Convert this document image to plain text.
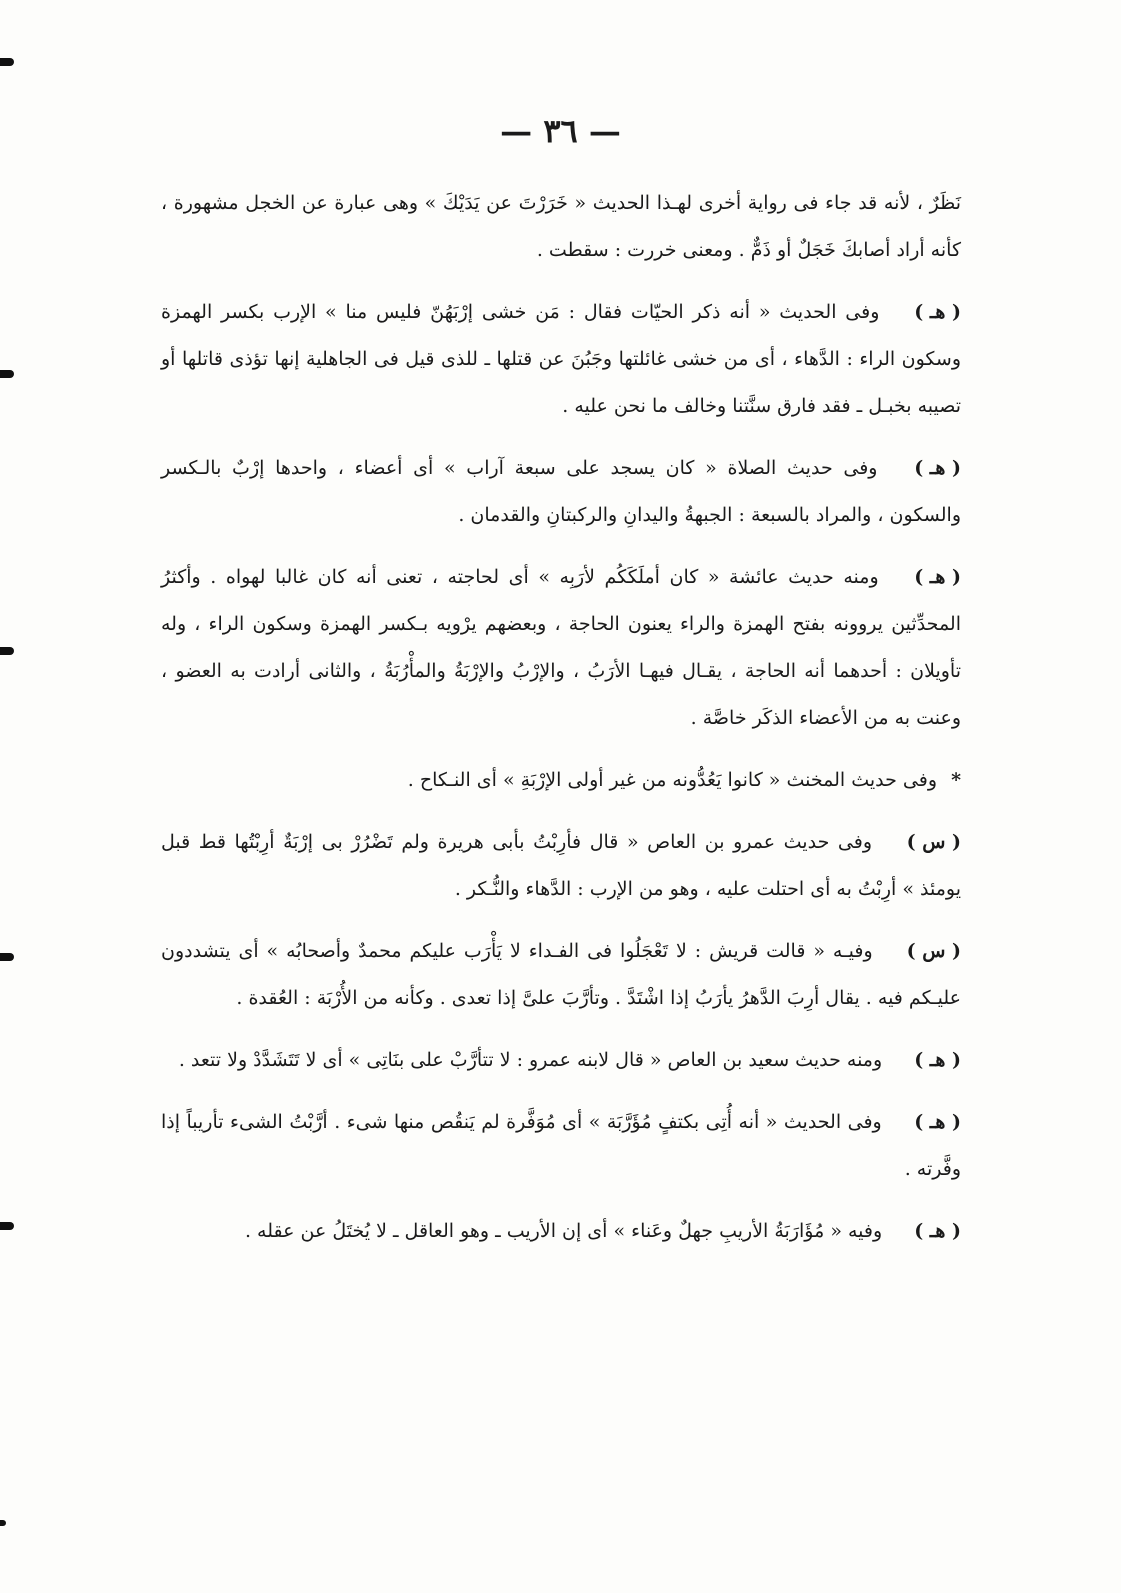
— ٣٦ —

نَظَرٌ ، لأنه قد جاء فى رواية أخرى لهـذا الحديث « خَرَرْتَ عن يَدَيْكَ » وهى عبارة عن الخجل مشهورة ، كأنه أراد أصابكَ خَجَلٌ أو ذَمٌّ . ومعنى خررت : سقطت .

( هـ ) وفى الحديث « أنه ذكر الحيّات فقال : مَن خشى إرْبَهُنّ فليس منا » الإرب بكسر الهمزة وسكون الراء : الدَّهاء ، أى من خشى غائلتها وجَبُنَ عن قتلها ـ للذى قيل فى الجاهلية إنها تؤذى قاتلها أو تصيبه بخبـل ـ فقد فارق سنَّتنا وخالف ما نحن عليه .

( هـ ) وفى حديث الصلاة « كان يسجد على سبعة آراب » أى أعضاء ، واحدها إرْبٌ بالـكسر والسكون ، والمراد بالسبعة : الجبهةُ واليدانِ والركبتانِ والقدمان .

( هـ ) ومنه حديث عائشة « كان أملَكَكُم لأرَبِه » أى لحاجته ، تعنى أنه كان غالبا لهواه . وأكثرُ المحدِّثين يروونه بفتح الهمزة والراء يعنون الحاجة ، وبعضهم يرْويه بـكسر الهمزة وسكون الراء ، وله تأويلان : أحدهما أنه الحاجة ، يقـال فيهـا الأرَبُ ، والإرْبُ والإرْبَةُ والمأْرُبَةُ ، والثانى أرادت به العضو ، وعنت به من الأعضاء الذكَر خاصَّة .

* وفى حديث المخنث « كانوا يَعُدُّونه من غير أولى الإرْبَةِ » أى النـكاح .

( س ) وفى حديث عمرو بن العاص « قال فأرِبْتُ بأبى هريرة ولم تَضْرُرْ بى إرْبَةٌ أرِبْتُها قط قبل يومئذ » أرِبْتُ به أى احتلت عليه ، وهو من الإرب : الدَّهاء والنُّـكر .

( س ) وفيـه « قالت قريش : لا تَعْجَلُوا فى الفـداء لا يَأْرَب عليكم محمدٌ وأصحابُه » أى يتشددون عليـكم فيه . يقال أرِبَ الدَّهرُ يأرَبُ إذا اشْتَدَّ . وتأرَّبَ علىَّ إذا تعدى . وكأنه من الأُرْبَة : العُقدة .

( هـ ) ومنه حديث سعيد بن العاص « قال لابنه عمرو : لا تتأرَّبْ على بنَاتِى » أى لا تَتَشَدَّدْ ولا تتعد .

( هـ ) وفى الحديث « أنه أُتِى بكتفٍ مُؤَرَّبَة » أى مُوَفَّرة لم يَنقُص منها شىء . أرَّبْتُ الشىء تأريباً إذا وفَّرته .

( هـ ) وفيه « مُؤَارَبَةُ الأريبِ جهلٌ وعَناء » أى إن الأريب ـ وهو العاقل ـ لا يُختَلُ عن عقله .
